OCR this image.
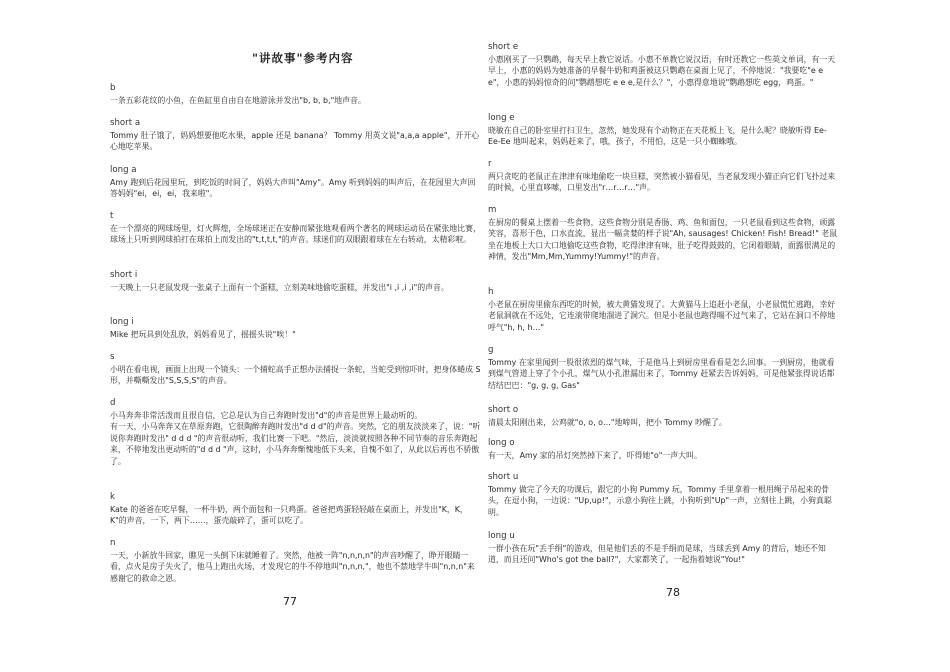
"讲故事"参考内容
b
一条五彩花纹的小鱼，在鱼缸里自由自在地游泳并发出"b, b, b,"地声音。
short a
Tommy 肚子饿了，妈妈想要他吃水果，apple 还是 banana？ Tommy 用英文说"a,a,a apple"，开开心心地吃苹果。
long a
Amy 跑到后花园里玩，到吃饭的时间了，妈妈大声叫"Amy"。Amy 听到妈妈的叫声后，在花园里大声回答妈妈"ei，ei，ei，我来啦"。
t
在一个漂亮的网球场里，灯火辉煌，全场球迷正在安静而紧张地观看两个著名的网球运动员在紧张地比赛，球场上只听到网球拍打在球拍上而发出的"t,t,t,t,"的声音。球迷们的双眼跟着球在左右转动，太精彩啦。
short i
一天晚上一只老鼠发现一张桌子上面有一个蛋糕，立刻美味地偷吃蛋糕，并发出"i ,i ,i ,i"的声音。
long i
Mike 把玩具到处乱放，妈妈看见了，摇摇头说"唉！"
s
小明在看电视，画面上出现一个镜头：一个捕蛇高手正想办法捕捉一条蛇，当蛇受到惊吓时，把身体蜷成 S 形，并嘶嘶发出"S,S,S,S"的声音。
d
小马奔奔非常活泼而且很自信，它总是认为自己奔跑时发出"d"的声音是世界上最动听的。
有一天，小马奔奔又在草原奔跑，它很陶醉奔跑时发出"d d d"的声音。突然，它的朋友淡淡来了，说："听说你奔跑时发出" d d d "的声音很动听，我们比赛一下吧。"然后，淡淡就按照各种不同节奏的音乐奔跑起来，不停地发出更动听的"d d d "声，这时，小马奔奔惭愧地低下头来，自愧不如了，从此以后再也不骄傲了。
k
Kate 的爸爸在吃早餐，一杯牛奶，两个面包和一只鸡蛋。爸爸把鸡蛋轻轻敲在桌面上，并发出"K，K，K"的声音，一下，两下……，蛋壳敲碎了，蛋可以吃了。
n
一天，小新放牛回家，瞧见一头倒下床就睡着了。突然，他被一阵"n,n,n,n"的声音吵醒了，睁开眼睛一看，点火是房子失火了，他马上跑出火场，才发现它的牛不停地叫"n,n,n,"，他也不禁地学牛叫"n,n,n"来感谢它的救命之恩。
77
short e
小惠刚买了一只鹦鹉，每天早上教它说话。小惠不单教它说汉语，有时还教它一些英文单词，有一天早上，小惠的妈妈为她准备的早餐牛奶和鸡蛋被这只鹦鹉在桌面上见了，不停地说："我要吃"e e e"，小惠的妈妈惊奇的问"鹦鹉想吃 e e e,是什么？"，小惠得意地说"鹦鹉想吃 egg，鸡蛋。"
long e
晓敏在自己的卧室里打扫卫生，忽然，她发现有个动物正在天花板上飞，是什么呢？晓敏听得 Ee-Ee-Ee 地叫起来，妈妈赶来了，哦，孩子，不用怕，这是一只小蜘蛛哦。
r
两只贪吃的老鼠正在津津有味地偷吃一块旦糕，突然被小猫看见，当老鼠发现小猫正向它们飞扑过来的时候，心里直哆嗦，口里发出"r…r…r…"声。
m
在厨房的餐桌上摆着一些食物，这些食物分别是香肠、鸡、鱼和面包，一只老鼠看到这些食物，顽露笑容，喜形于色，口水直流，显出一幅贪婪的样子说"Ah, sausages! Chicken! Fish! Bread!" 老鼠坐在地板上大口大口地偷吃这些食物，吃得津津有味，肚子吃得鼓鼓的，它闭着眼睛，面露很满足的神情，发出"Mm,Mm,Yummy!Yummy!"的声音。
h
小老鼠在厨房里偷东西吃的时候，被大黄猫发现了。大黄猫马上追赶小老鼠，小老鼠慌忙逃跑，幸好老鼠洞就在不远处，它连滚带爬地溜进了洞穴。但是小老鼠也跑得喘不过气来了，它站在洞口不停地呼气"h, h, h…"
g
Tommy 在家里闻到一股很浓烈的煤气味，于是他马上到厨房里看看是怎么回事。一到厨房，他就看到煤气管道上穿了个小孔，煤气从小孔泄漏出来了，Tommy 赶紧去告诉妈妈，可是他紧张得说话都结结巴巴："g, g, g, Gas"
short o
清晨太阳刚出来，公鸡就"o, o, o…"地啼叫，把小 Tommy 吵醒了。
long o
有一天，Amy 家的吊灯突然掉下来了，吓得她"o"一声大叫。
short u
Tommy 做完了今天的功课后，跟它的小狗 Pummy 玩，Tommy 手里拿着一根用绳子吊起来的骨头，在逗小狗，一边说："Up,up!"，示意小狗往上跳，小狗听到"Up"一声，立刻往上跳，小狗真聪明。
long u
一群小孩在玩"丢手绢"的游戏，但是他们丢的不是手绢而是球，当球丢到 Amy 的背后，她还不知道，而且还问"Who's got the ball?"，大家都笑了，一起指着她说"You!"
78
